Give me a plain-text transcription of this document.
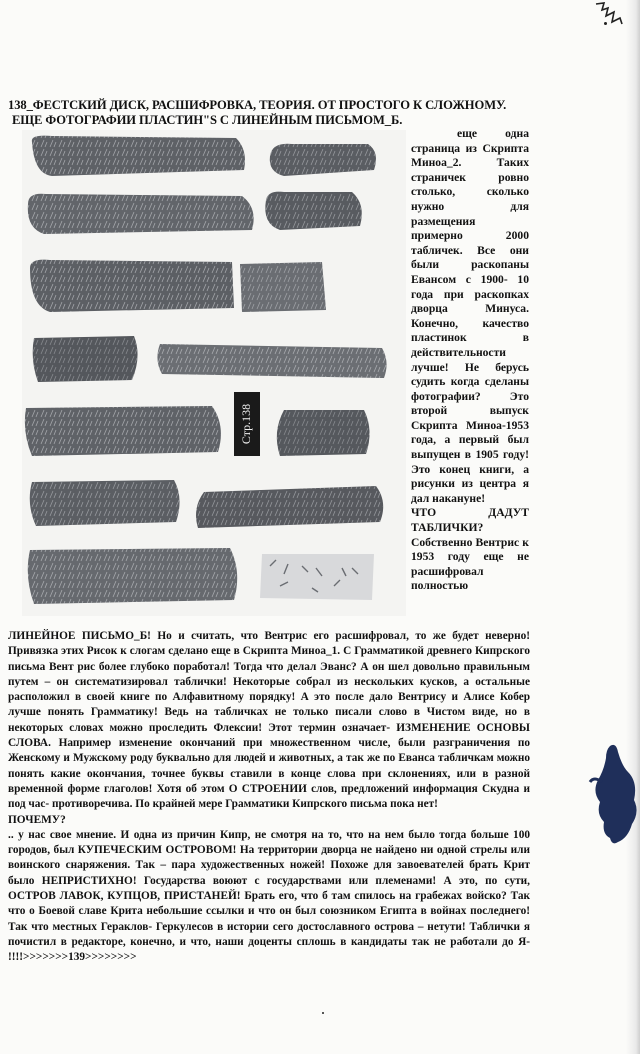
138_ФЕСТСКИЙ ДИСК, РАСШИФРОВКА, ТЕОРИЯ. ОТ ПРОСТОГО К СЛОЖНОМУ.
ЕЩЕ ФОТОГРАФИИ ПЛАСТИН"S С ЛИНЕЙНЫМ ПИСЬМОМ_Б.
Стр.138

еще одна страница из Скрипта Миноа_2. Таких страничек ровно столько, сколько нужно для размещения примерно 2000 табличек. Все они были раскопаны Евансом с 1900- 10 года при раскопках дворца Минуса. Конечно, качество пластинок в действительности лучше! Не берусь судить когда сделаны фотографии? Это второй выпуск Скрипта Миноа-1953 года, а первый был выпущен в 1905 году! Это конец книги, а рисунки из центра я дал накануне!

ЧТО ДАДУТ ТАБЛИЧКИ?

Собственно Вентрис к 1953 году еще не расшифровал полностью

ЛИНЕЙНОЕ ПИСЬМО_Б! Но и считать, что Вентрис его расшифровал, то же будет неверно! Привязка этих Рисок к слогам сделано еще в Скрипта Миноа_1. С Грамматикой древнего Кипрского письма Вент рис более глубоко поработал! Тогда что делал Эванс? А он шел довольно правильным путем – он систематизировал таблички! Некоторые собрал из нескольких кусков, а остальные расположил в своей книге по Алфавитному порядку! А это после дало Вентрису и Алисе Кобер лучше понять Грамматику! Ведь на табличках не только писали слово в Чистом виде, но в некоторых словах можно проследить Флексии! Этот термин означает- ИЗМЕНЕНИЕ ОСНОВЫ СЛОВА. Например изменение окончаний при множественном числе, были разграничения по Женскому и Мужскому роду буквально для людей и животных, а так же по Еванса табличкам можно понять какие окончания, точнее буквы ставили в конце слова при склонениях, или в разной временной форме глаголов! Хотя об этом О СТРОЕНИИ слов, предложений информация Скудна и под час- противоречива. По крайней мере Грамматики Кипрского письма пока нет!

ПОЧЕМУ?

.. у нас свое мнение. И одна из причин Кипр, не смотря на то, что на нем было тогда больше 100 городов, был КУПЕЧЕСКИМ ОСТРОВОМ! На территории дворца не найдено ни одной стрелы или воинского снаряжения. Так – пара художественных ножей! Похоже для завоевателей брать Крит было НЕПРИСТИХНО! Государства воюют с государствами или племенами! А это, по сути, ОСТРОВ ЛАВОК, КУПЦОВ, ПРИСТАНЕЙ! Брать его, что б там спилось на грабежах войско? Так что о Боевой славе Крита небольшие ссылки и что он был союзником Египта в войнах последнего! Так что местных Гераклов- Геркулесов в истории сего достославного острова – нетути! Таблички я почистил в редакторе, конечно, и что, наши доценты сплошь в кандидаты так не работали до Я- !!!!>>>>>>>139>>>>>>>>
